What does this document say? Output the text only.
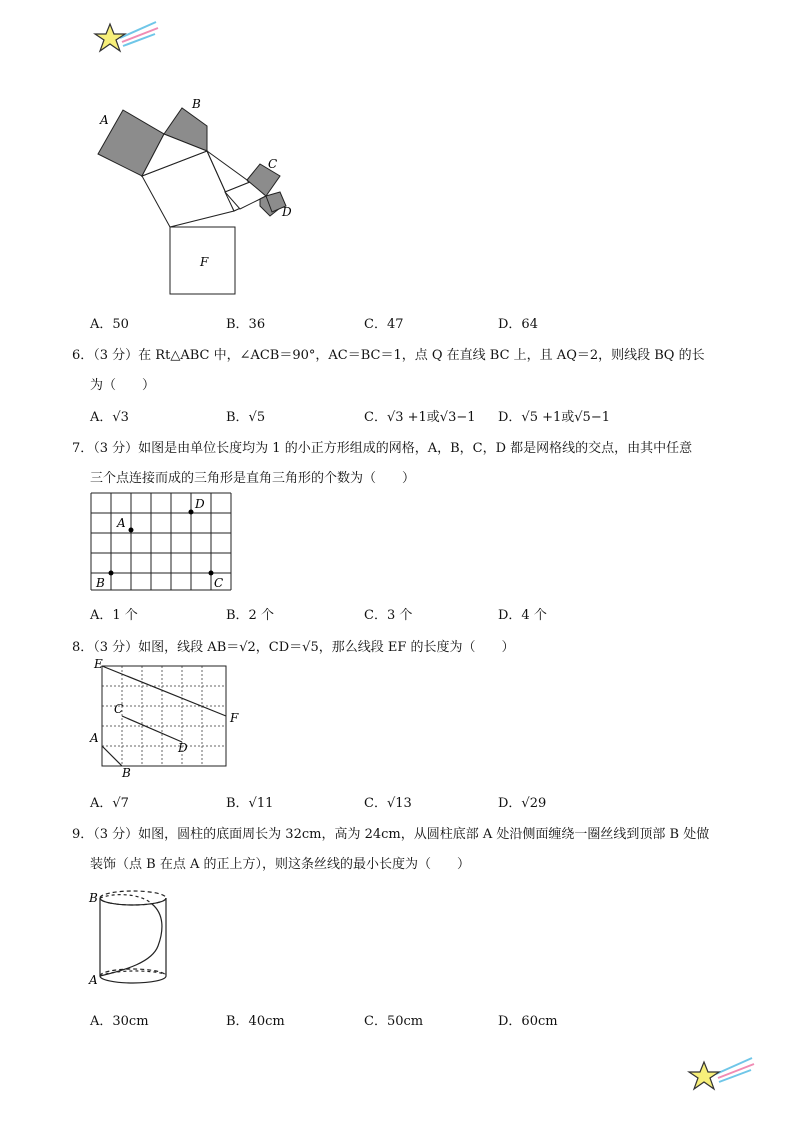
A
B
C
D
F
A．50	B．36	C．47	D．64
6．（3 分）在 Rt△ABC 中，∠ACB＝90°，AC＝BC＝1，点 Q 在直线 BC 上，且 AQ＝2，则线段 BQ 的长
为（　　）
A．√3	B．√5	C．√3 +1或√3−1 D．√5 +1或√5−1
7．（3 分）如图是由单位长度均为 1 的小正方形组成的网格，A，B，C，D 都是网格线的交点，由其中任意
三个点连接而成的三角形是直角三角形的个数为（　　）
A
D
B	C
A．1 个	B．2 个	C．3 个	D．4 个
8．（3 分）如图，线段 AB＝√2，CD＝√5，那么线段 EF 的长度为（　　）
E
F
C
D
A
B
A．√7	B．√11	C．√13	D．√29
9．（3 分）如图，圆柱的底面周长为 32cm，高为 24cm，从圆柱底部 A 处沿侧面缠绕一圈丝线到顶部 B 处做
装饰（点 B 在点 A 的正上方），则这条丝线的最小长度为（　　）
B
A
A．30cm	B．40cm	C．50cm	D．60cm
